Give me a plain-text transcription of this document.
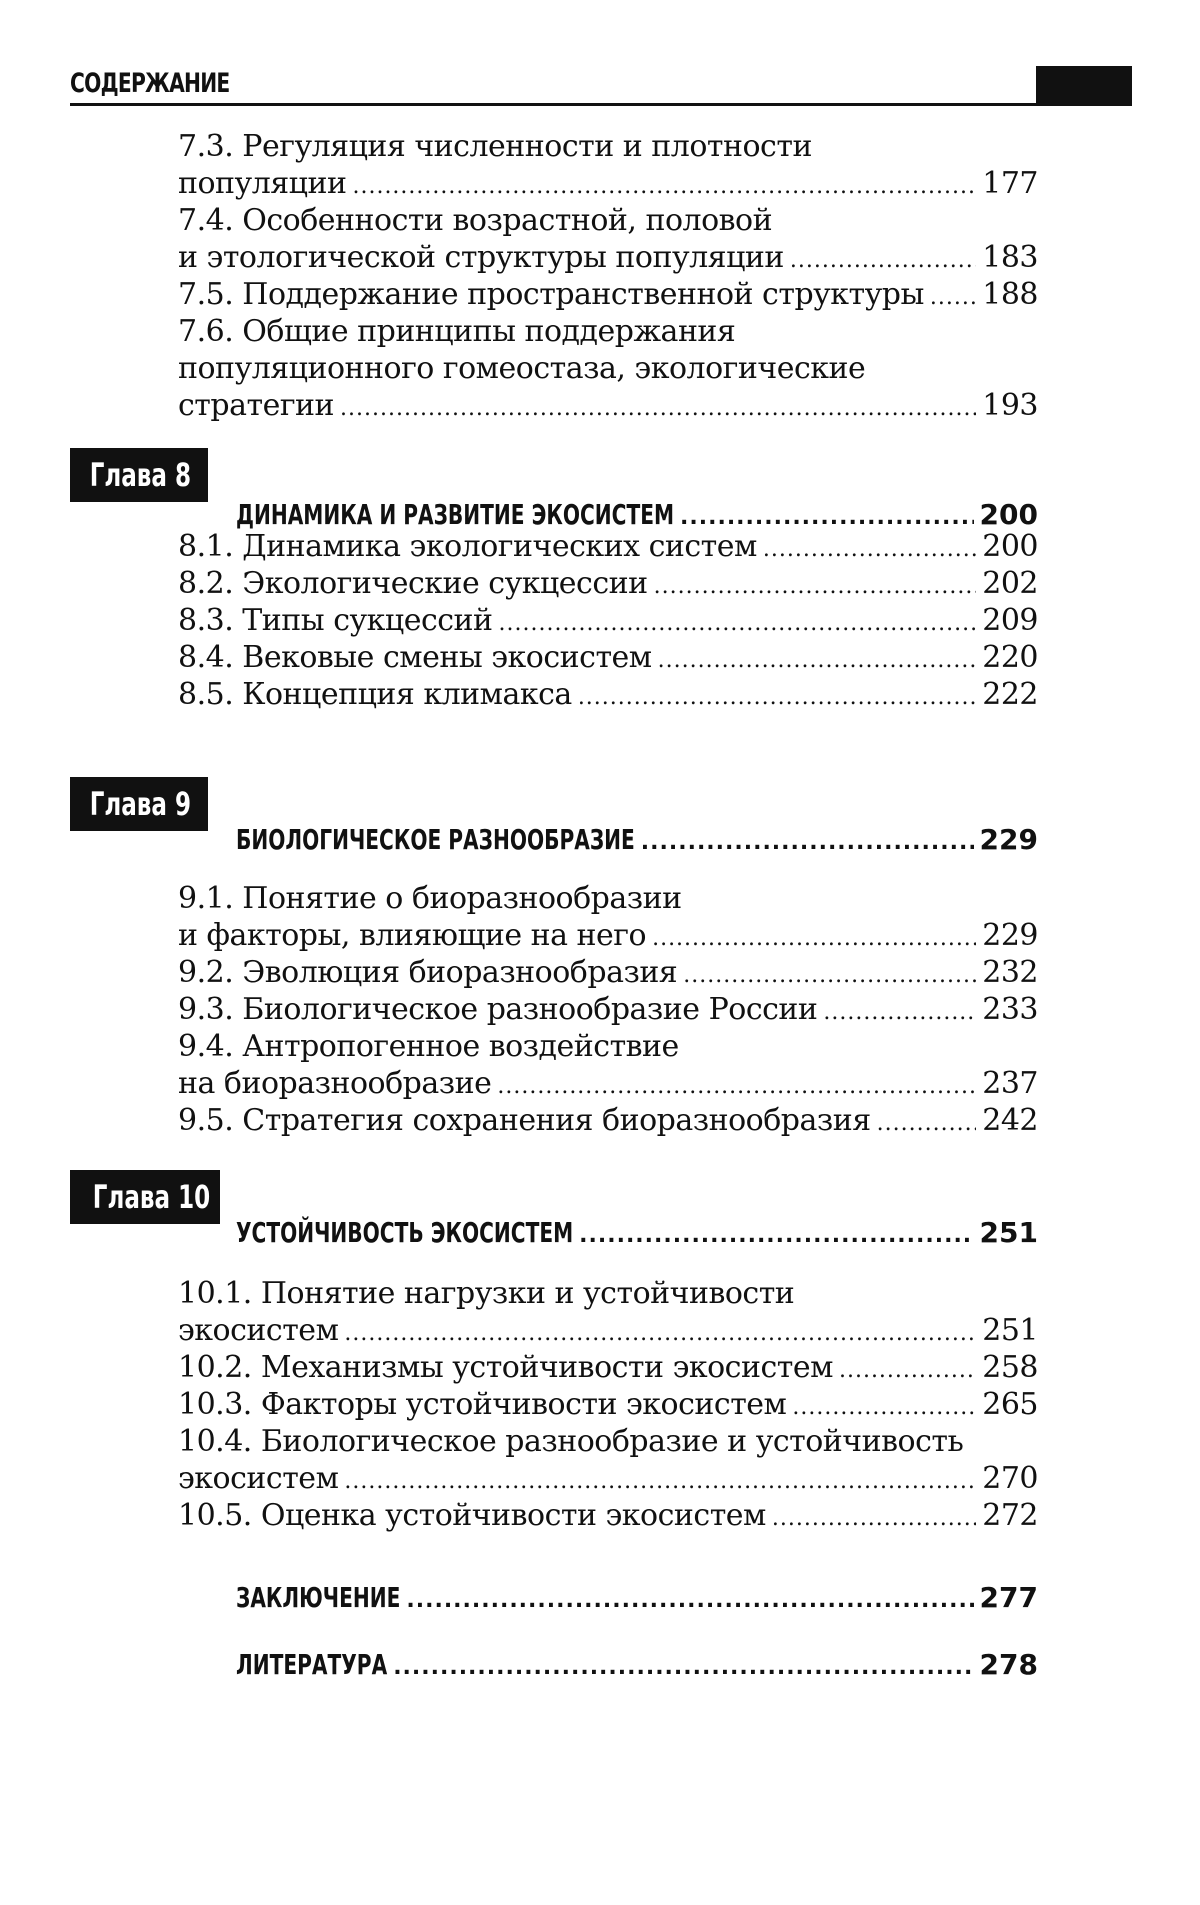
СОДЕРЖАНИЕ
7.3. Регуляция численности и плотности
популяции .....	177
7.4. Особенности возрастной, половой
и этологической структуры популяции .....	183
7.5. Поддержание пространственной структуры ..... 188
7.6. Общие принципы поддержания
популяционного гомеостаза, экологические
стратегии .....	193
Глава 8
ДИНАМИКА И РАЗВИТИЕ ЭКОСИСТЕМ .....	200
8.1. Динамика экологических систем .....	200
8.2. Экологические сукцессии .....	202
8.3. Типы сукцессий .....	209
8.4. Вековые смены экосистем .....	220
8.5. Концепция климакса .....	222
Глава 9
БИОЛОГИЧЕСКОЕ РАЗНООБРАЗИЕ .....	229
9.1. Понятие о биоразнообразии
и факторы, влияющие на него .....	229
9.2. Эволюция биоразнообразия .....	232
9.3. Биологическое разнообразие России .....	233
9.4. Антропогенное воздействие
на биоразнообразие .....	237
9.5. Стратегия сохранения биоразнообразия .....	242
Глава 10
УСТОЙЧИВОСТЬ ЭКОСИСТЕМ .....	251
10.1. Понятие нагрузки и устойчивости
экосистем .....	251
10.2. Механизмы устойчивости экосистем .....	258
10.3. Факторы устойчивости экосистем .....	265
10.4. Биологическое разнообразие и устойчивость
экосистем .....	270
10.5. Оценка устойчивости экосистем .....	272
ЗАКЛЮЧЕНИЕ .....	277
ЛИТЕРАТУРА .....	278
